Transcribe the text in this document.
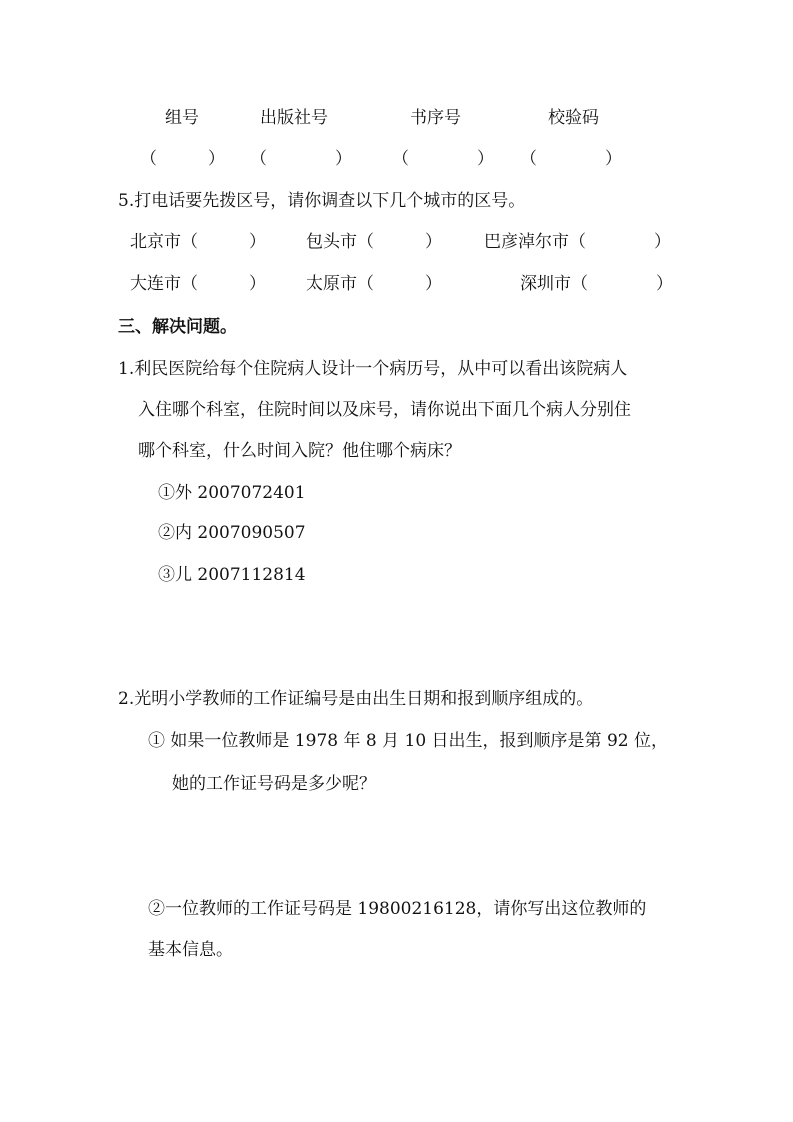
组号	出版社号	书序号	校验码
（　　　） （　　　　） （　　　　） （　　　　）
5.打电话要先拨区号，请你调查以下几个城市的区号。
北京市（　　　） 包头市（　　　） 巴彦淖尔市（　　　　）
大连市（　　　） 太原市（　　　）	深圳市（　　　　）
三、解决问题。
1.利民医院给每个住院病人设计一个病历号，从中可以看出该院病人
入住哪个科室，住院时间以及床号，请你说出下面几个病人分别住
哪个科室，什么时间入院？他住哪个病床？
①外 2007072401
②内 2007090507
③儿 2007112814
2.光明小学教师的工作证编号是由出生日期和报到顺序组成的。
① 如果一位教师是 1978 年 8 月 10 日出生，报到顺序是第 92 位，
她的工作证号码是多少呢？
②一位教师的工作证号码是 19800216128，请你写出这位教师的
基本信息。
